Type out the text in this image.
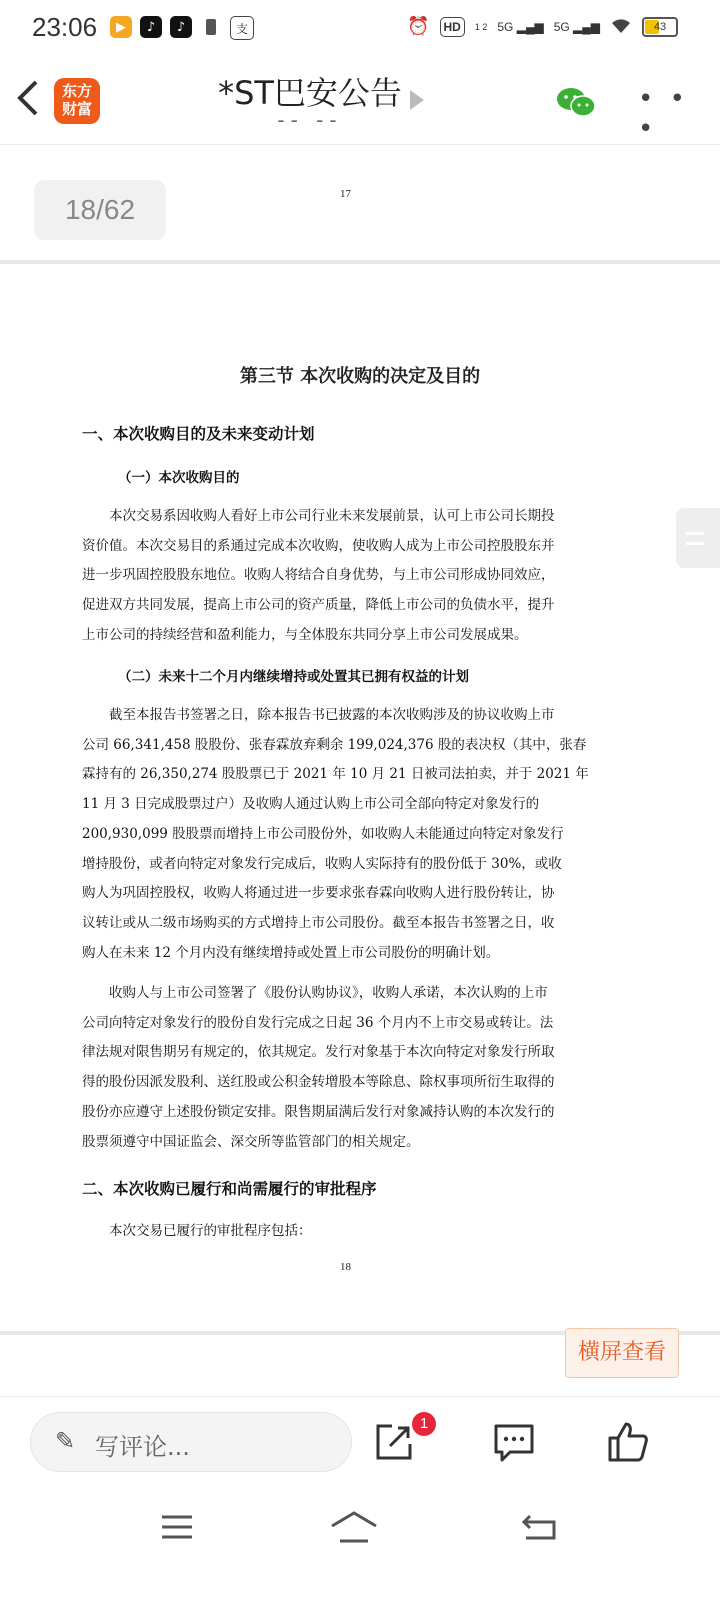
23:06	▶	♪	♪	支	⏰	HD	1 2 5G ▂▄▆ 5G ▂▄▆	43
东方
财富	*ST巴安公告
-- --
• • •
18/62	17
第三节 本次收购的决定及目的
一、本次收购目的及未来变动计划
（一）本次收购目的
本次交易系因收购人看好上市公司行业未来发展前景，认可上市公司长期投
资价值。本次交易目的系通过完成本次收购，使收购人成为上市公司控股股东并
进一步巩固控股股东地位。收购人将结合自身优势，与上市公司形成协同效应，
促进双方共同发展，提高上市公司的资产质量，降低上市公司的负债水平，提升
上市公司的持续经营和盈利能力，与全体股东共同分享上市公司发展成果。
（二）未来十二个月内继续增持或处置其已拥有权益的计划
截至本报告书签署之日，除本报告书已披露的本次收购涉及的协议收购上市
公司 66,341,458 股股份、张春霖放弃剩余 199,024,376 股的表决权（其中，张春
霖持有的 26,350,274 股股票已于 2021 年 10 月 21 日被司法拍卖，并于 2021 年
11 月 3 日完成股票过户）及收购人通过认购上市公司全部向特定对象发行的
200,930,099 股股票而增持上市公司股份外，如收购人未能通过向特定对象发行
增持股份，或者向特定对象发行完成后，收购人实际持有的股份低于 30%，或收
购人为巩固控股权，收购人将通过进一步要求张春霖向收购人进行股份转让，协
议转让或从二级市场购买的方式增持上市公司股份。截至本报告书签署之日，收
购人在未来 12 个月内没有继续增持或处置上市公司股份的明确计划。
收购人与上市公司签署了《股份认购协议》，收购人承诺，本次认购的上市
公司向特定对象发行的股份自发行完成之日起 36 个月内不上市交易或转让。法
律法规对限售期另有规定的，依其规定。发行对象基于本次向特定对象发行所取
得的股份因派发股利、送红股或公积金转增股本等除息、除权事项所衍生取得的
股份亦应遵守上述股份锁定安排。限售期届满后发行对象减持认购的本次发行的
股票须遵守中国证监会、深交所等监管部门的相关规定。
二、本次收购已履行和尚需履行的审批程序
本次交易已履行的审批程序包括：
18
横屏查看
✎ 写评论...
1
